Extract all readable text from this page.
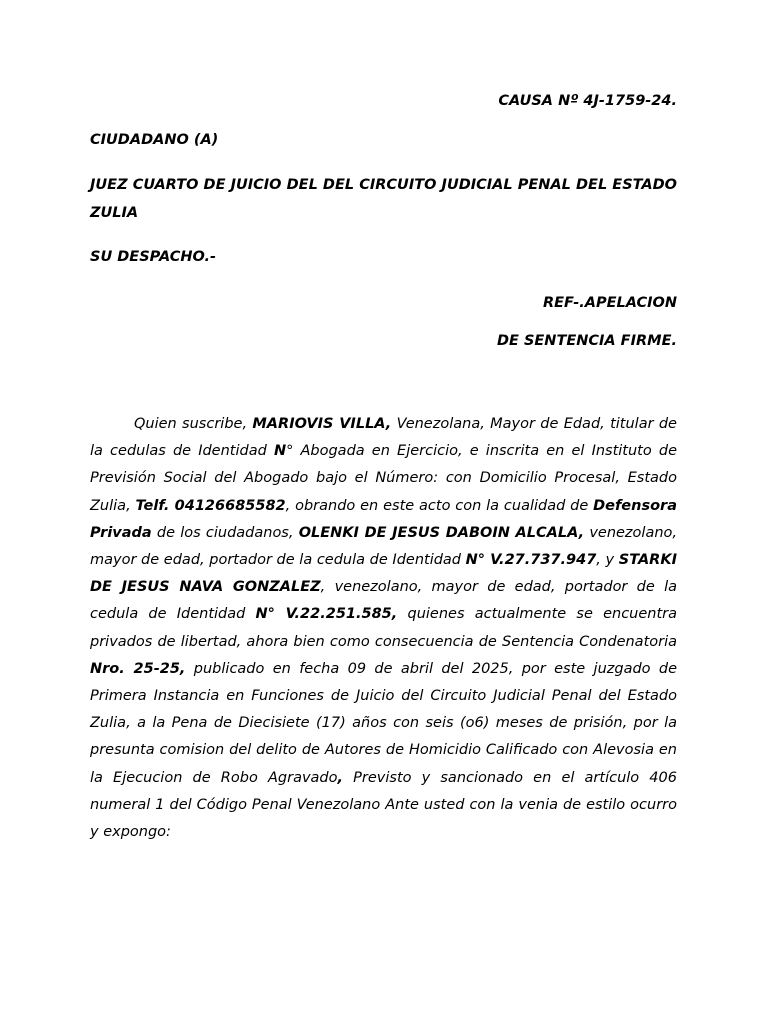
CAUSA Nº 4J-1759-24.

CIUDADANO (A)

JUEZ CUARTO DE JUICIO DEL DEL CIRCUITO JUDICIAL PENAL DEL ESTADO ZULIA

SU DESPACHO.-

REF-.APELACION

DE SENTENCIA FIRME.

Quien suscribe, MARIOVIS VILLA, Venezolana, Mayor de Edad, titular de la cedulas de Identidad N° Abogada en Ejercicio, e inscrita en el Instituto de Previsión Social del Abogado bajo el Número: con Domicilio Procesal, Estado Zulia, Telf. 04126685582, obrando en este acto con la cualidad de Defensora Privada de los ciudadanos, OLENKI DE JESUS DABOIN ALCALA, venezolano, mayor de edad, portador de la cedula de Identidad N° V.27.737.947, y STARKI DE JESUS NAVA GONZALEZ, venezolano, mayor de edad, portador de la cedula de Identidad N° V.22.251.585, quienes actualmente se encuentra privados de libertad, ahora bien como consecuencia de Sentencia Condenatoria Nro. 25-25, publicado en fecha 09 de abril del 2025, por este juzgado de Primera Instancia en Funciones de Juicio del Circuito Judicial Penal del Estado Zulia, a la Pena de Diecisiete (17) años con seis (o6) meses de prisión, por la presunta comision del delito de Autores de Homicidio Calificado con Alevosia en la Ejecucion de Robo Agravado, Previsto y sancionado en el artículo 406 numeral 1 del Código Penal Venezolano Ante usted con la venia de estilo ocurro y expongo:
